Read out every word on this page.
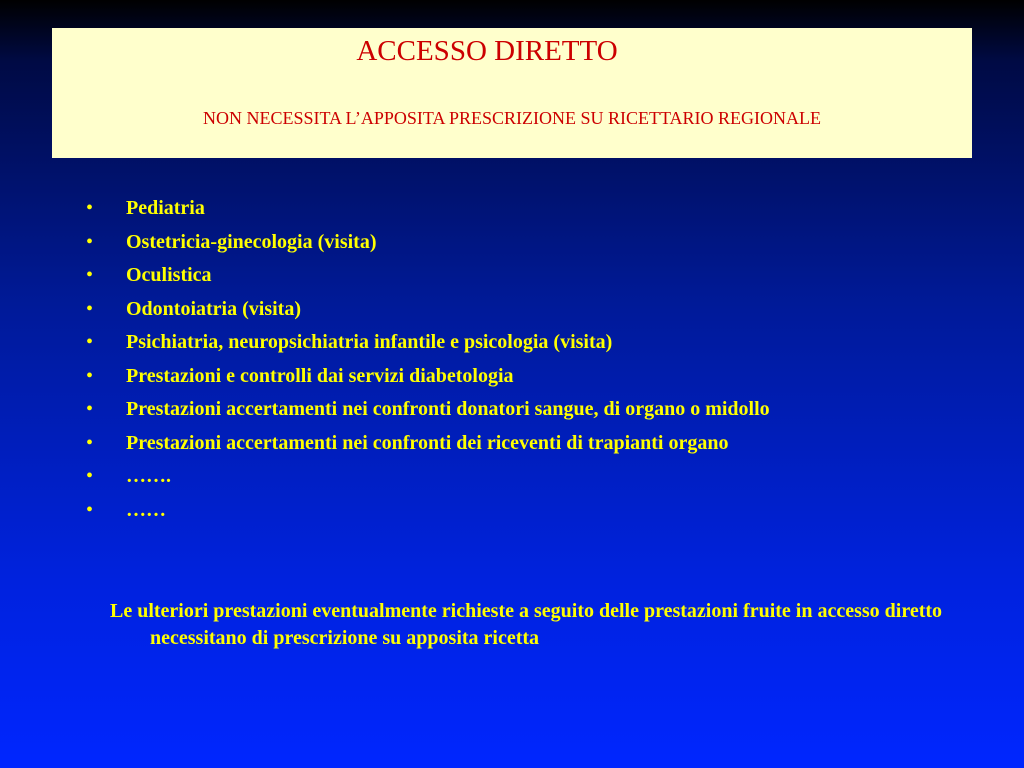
ACCESSO DIRETTO
NON NECESSITA L’APPOSITA PRESCRIZIONE SU RICETTARIO REGIONALE
•	Pediatria
•	Ostetricia-ginecologia (visita)
•	Oculistica
•	Odontoiatria (visita)
•	Psichiatria, neuropsichiatria infantile e psicologia (visita)
•	Prestazioni e controlli dai servizi diabetologia
•	Prestazioni accertamenti nei confronti donatori sangue, di organo o midollo
•	Prestazioni accertamenti nei confronti dei riceventi di trapianti organo
•	…….
•	……

Le ulteriori prestazioni eventualmente richieste a seguito delle prestazioni fruite in accesso diretto necessitano di prescrizione su apposita ricetta
